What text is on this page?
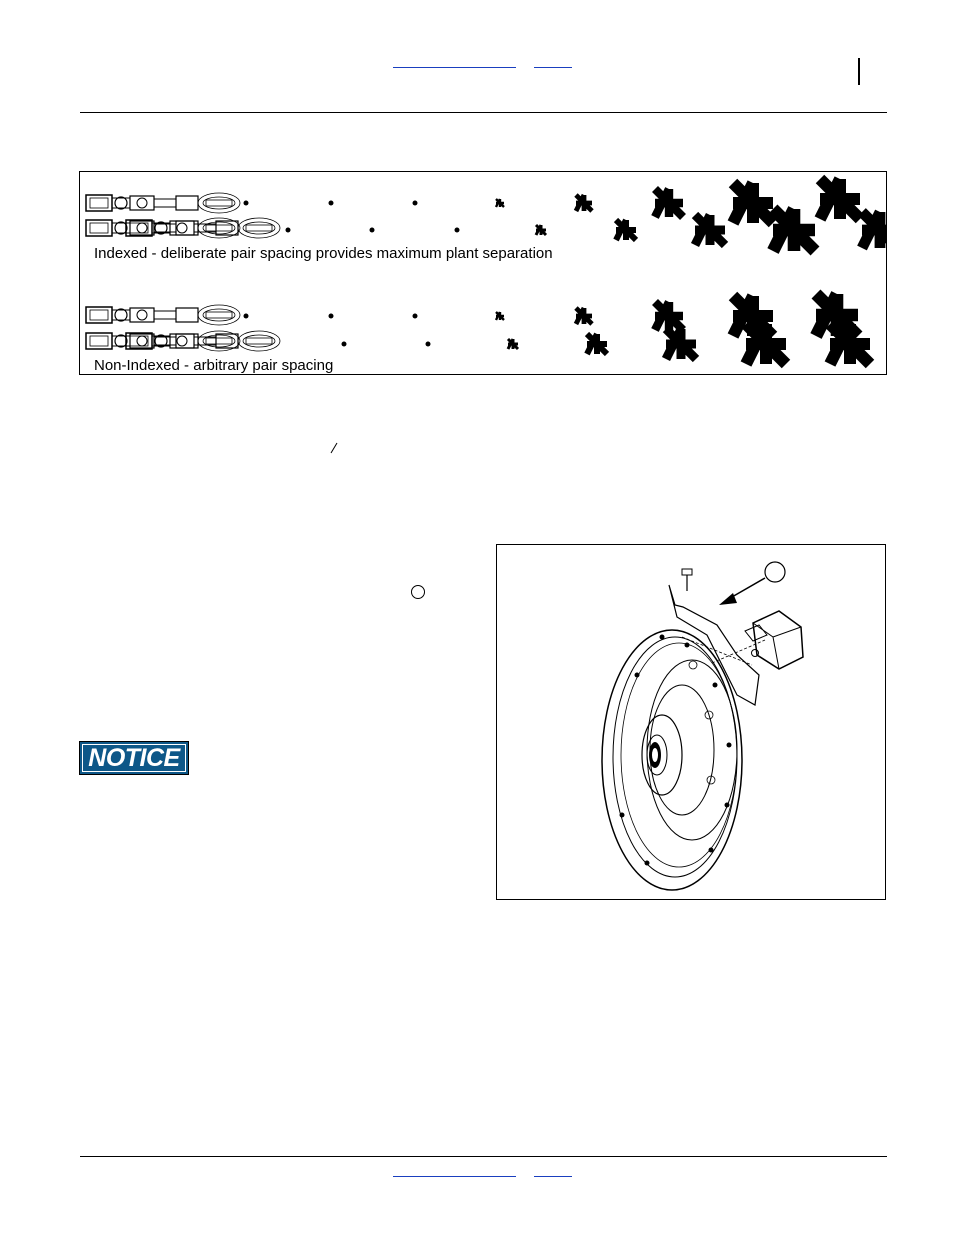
Indexed - deliberate pair spacing provides maximum plant separation
Non-Indexed - arbitrary pair spacing
NOTICE
